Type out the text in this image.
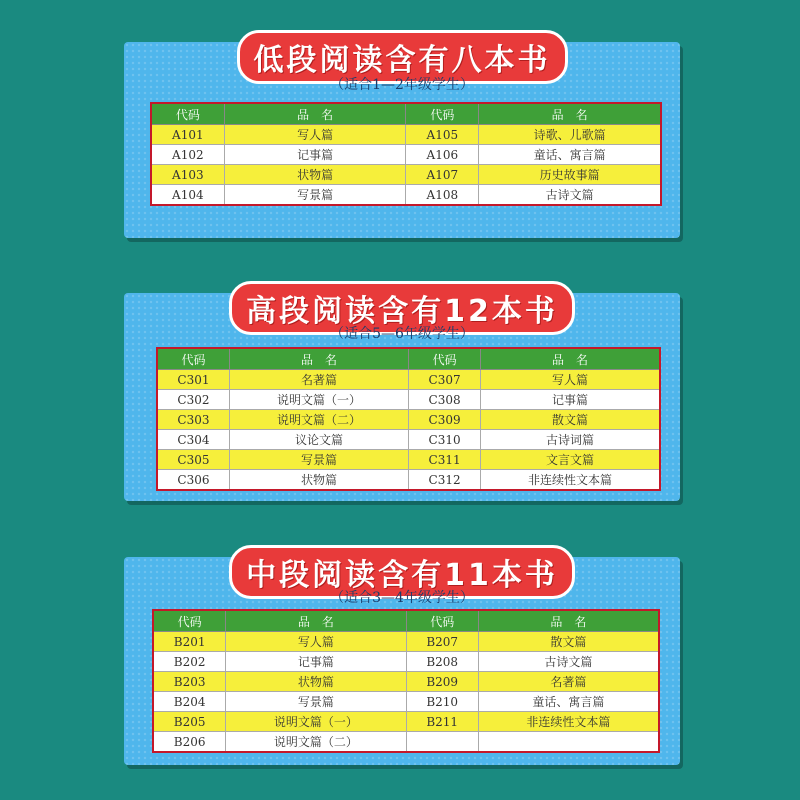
低段阅读含有八本书
（适合1—2年级学生）
代码	品　名	代码	品　名
A101	写人篇	A105	诗歌、儿歌篇
A102	记事篇	A106	童话、寓言篇
A103	状物篇	A107	历史故事篇
A104	写景篇	A108	古诗文篇
高段阅读含有12本书
（适合5—6年级学生）
代码	品　名	代码	品　名
C301	名著篇	C307	写人篇
C302	说明文篇（一）	C308	记事篇
C303	说明文篇（二）	C309	散文篇
C304	议论文篇	C310	古诗词篇
C305	写景篇	C311	文言文篇
C306	状物篇	C312	非连续性文本篇
中段阅读含有11本书
（适合3—4年级学生）
代码	品　名	代码	品　名
B201	写人篇	B207	散文篇
B202	记事篇	B208	古诗文篇
B203	状物篇	B209	名著篇
B204	写景篇	B210	童话、寓言篇
B205	说明文篇（一）	B211	非连续性文本篇
B206	说明文篇（二）		
